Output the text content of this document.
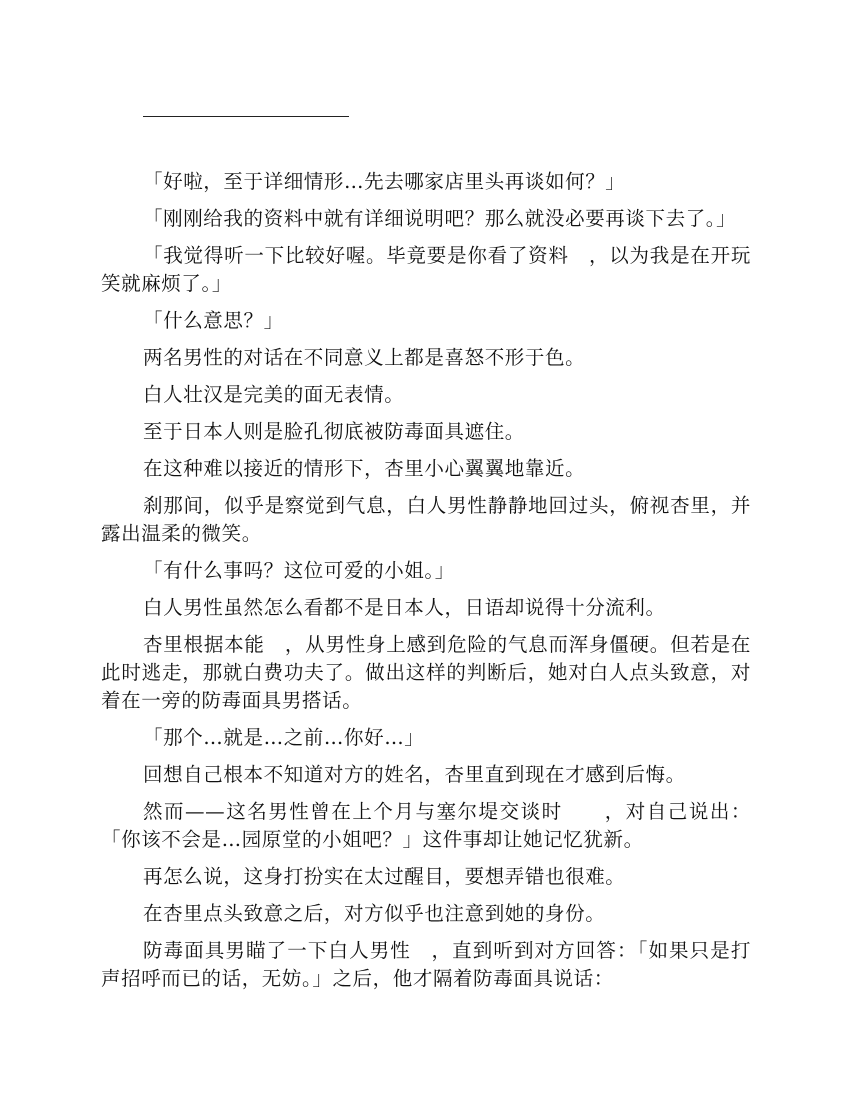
「好啦，至于详细情形…先去哪家店里头再谈如何？」

「刚刚给我的资料中就有详细说明吧？那么就没必要再谈下去了。」

「我觉得听一下比较好喔。毕竟要是你看了资料　，以为我是在开玩笑就麻烦了。」

「什么意思？」

两名男性的对话在不同意义上都是喜怒不形于色。

白人壮汉是完美的面无表情。

至于日本人则是脸孔彻底被防毒面具遮住。

在这种难以接近的情形下，杏里小心翼翼地靠近。

刹那间，似乎是察觉到气息，白人男性静静地回过头，俯视杏里，并露出温柔的微笑。

「有什么事吗？这位可爱的小姐。」

白人男性虽然怎么看都不是日本人，日语却说得十分流利。

杏里根据本能　，从男性身上感到危险的气息而浑身僵硬。但若是在此时逃走，那就白费功夫了。做出这样的判断后，她对白人点头致意，对着在一旁的防毒面具男搭话。

「那个…就是…之前…你好…」

回想自己根本不知道对方的姓名，杏里直到现在才感到后悔。

然而——这名男性曾在上个月与塞尔堤交谈时　　，对自己说出：「你该不会是…园原堂的小姐吧？」这件事却让她记忆犹新。

再怎么说，这身打扮实在太过醒目，要想弄错也很难。

在杏里点头致意之后，对方似乎也注意到她的身份。

防毒面具男瞄了一下白人男性　，直到听到对方回答：「如果只是打声招呼而已的话，无妨。」之后，他才隔着防毒面具说话：
